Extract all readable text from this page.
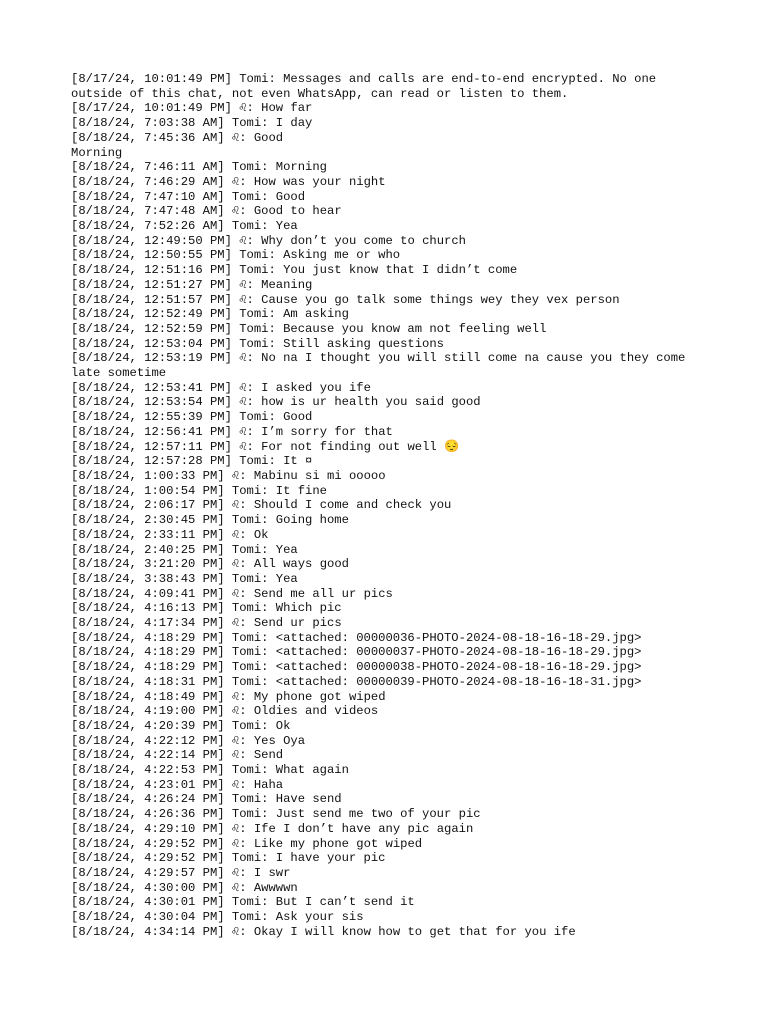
[8/17/24, 10:01:49 PM] Tomi: Messages and calls are end-to-end encrypted. No one outside of this chat, not even WhatsApp, can read or listen to them.

[8/17/24, 10:01:49 PM] ♌: How far

[8/18/24, 7:03:38 AM] Tomi: I day

[8/18/24, 7:45:36 AM] ♌: Good
Morning

[8/18/24, 7:46:11 AM] Tomi: Morning

[8/18/24, 7:46:29 AM] ♌: How was your night

[8/18/24, 7:47:10 AM] Tomi: Good

[8/18/24, 7:47:48 AM] ♌: Good to hear

[8/18/24, 7:52:26 AM] Tomi: Yea

[8/18/24, 12:49:50 PM] ♌: Why don’t you come to church

[8/18/24, 12:50:55 PM] Tomi: Asking me or who

[8/18/24, 12:51:16 PM] Tomi: You just know that I didn’t come

[8/18/24, 12:51:27 PM] ♌: Meaning

[8/18/24, 12:51:57 PM] ♌: Cause you go talk some things wey they vex person

[8/18/24, 12:52:49 PM] Tomi: Am asking

[8/18/24, 12:52:59 PM] Tomi: Because you know am not feeling well

[8/18/24, 12:53:04 PM] Tomi: Still asking questions

[8/18/24, 12:53:19 PM] ♌: No na I thought you will still come na cause you they come late sometime

[8/18/24, 12:53:41 PM] ♌: I asked you ife

[8/18/24, 12:53:54 PM] ♌: how is ur health you said good

[8/18/24, 12:55:39 PM] Tomi: Good

[8/18/24, 12:56:41 PM] ♌: I’m sorry for that

[8/18/24, 12:57:11 PM] ♌: For not finding out well 😔

[8/18/24, 12:57:28 PM] Tomi: It ¤

[8/18/24, 1:00:33 PM] ♌: Mabinu si mi ooooo

[8/18/24, 1:00:54 PM] Tomi: It fine

[8/18/24, 2:06:17 PM] ♌: Should I come and check you

[8/18/24, 2:30:45 PM] Tomi: Going home

[8/18/24, 2:33:11 PM] ♌: Ok

[8/18/24, 2:40:25 PM] Tomi: Yea

[8/18/24, 3:21:20 PM] ♌: All ways good

[8/18/24, 3:38:43 PM] Tomi: Yea

[8/18/24, 4:09:41 PM] ♌: Send me all ur pics

[8/18/24, 4:16:13 PM] Tomi: Which pic

[8/18/24, 4:17:34 PM] ♌: Send ur pics

[8/18/24, 4:18:29 PM] Tomi: <attached: 00000036-PHOTO-2024-08-18-16-18-29.jpg>

[8/18/24, 4:18:29 PM] Tomi: <attached: 00000037-PHOTO-2024-08-18-16-18-29.jpg>

[8/18/24, 4:18:29 PM] Tomi: <attached: 00000038-PHOTO-2024-08-18-16-18-29.jpg>

[8/18/24, 4:18:31 PM] Tomi: <attached: 00000039-PHOTO-2024-08-18-16-18-31.jpg>

[8/18/24, 4:18:49 PM] ♌: My phone got wiped

[8/18/24, 4:19:00 PM] ♌: Oldies and videos

[8/18/24, 4:20:39 PM] Tomi: Ok

[8/18/24, 4:22:12 PM] ♌: Yes Oya

[8/18/24, 4:22:14 PM] ♌: Send

[8/18/24, 4:22:53 PM] Tomi: What again

[8/18/24, 4:23:01 PM] ♌: Haha

[8/18/24, 4:26:24 PM] Tomi: Have send

[8/18/24, 4:26:36 PM] Tomi: Just send me two of your pic

[8/18/24, 4:29:10 PM] ♌: Ife I don’t have any pic again

[8/18/24, 4:29:52 PM] ♌: Like my phone got wiped

[8/18/24, 4:29:52 PM] Tomi: I have your pic

[8/18/24, 4:29:57 PM] ♌: I swr

[8/18/24, 4:30:00 PM] ♌: Awwwwn

[8/18/24, 4:30:01 PM] Tomi: But I can’t send it

[8/18/24, 4:30:04 PM] Tomi: Ask your sis

[8/18/24, 4:34:14 PM] ♌: Okay I will know how to get that for you ife
